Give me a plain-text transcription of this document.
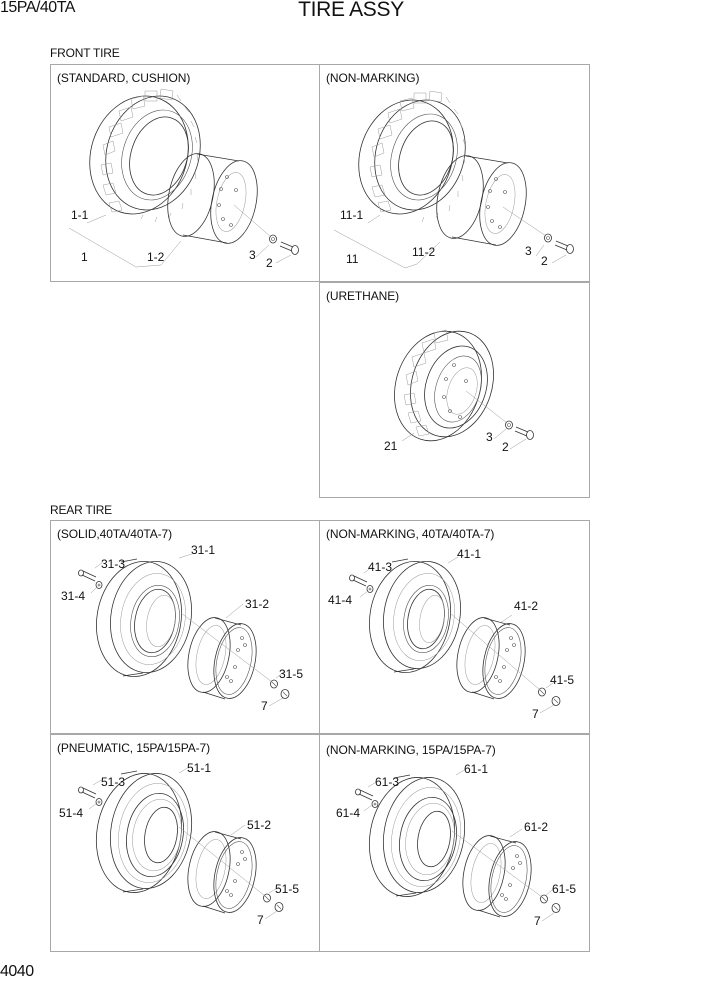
15PA/40TA	TIRE ASSY
FRONT TIRE
(STANDARD, CUSHION)
1-1
1	1-2	3
2
(NON-MARKING)
11-1
11	11-2	3
2
(URETHANE)
21
3
2
REAR TIRE
(SOLID,40TA/40TA-7)
31-1
31-3
31-4
31-2
31-5
7
(NON-MARKING, 40TA/40TA-7)
41-1
41-3
41-4	41-2
41-5
7
(PNEUMATIC, 15PA/15PA-7)
51-1
51-3
51-4
51-2
51-5
7
(NON-MARKING, 15PA/15PA-7)
61-1
61-3
61-4
61-2
61-5
7
4040
